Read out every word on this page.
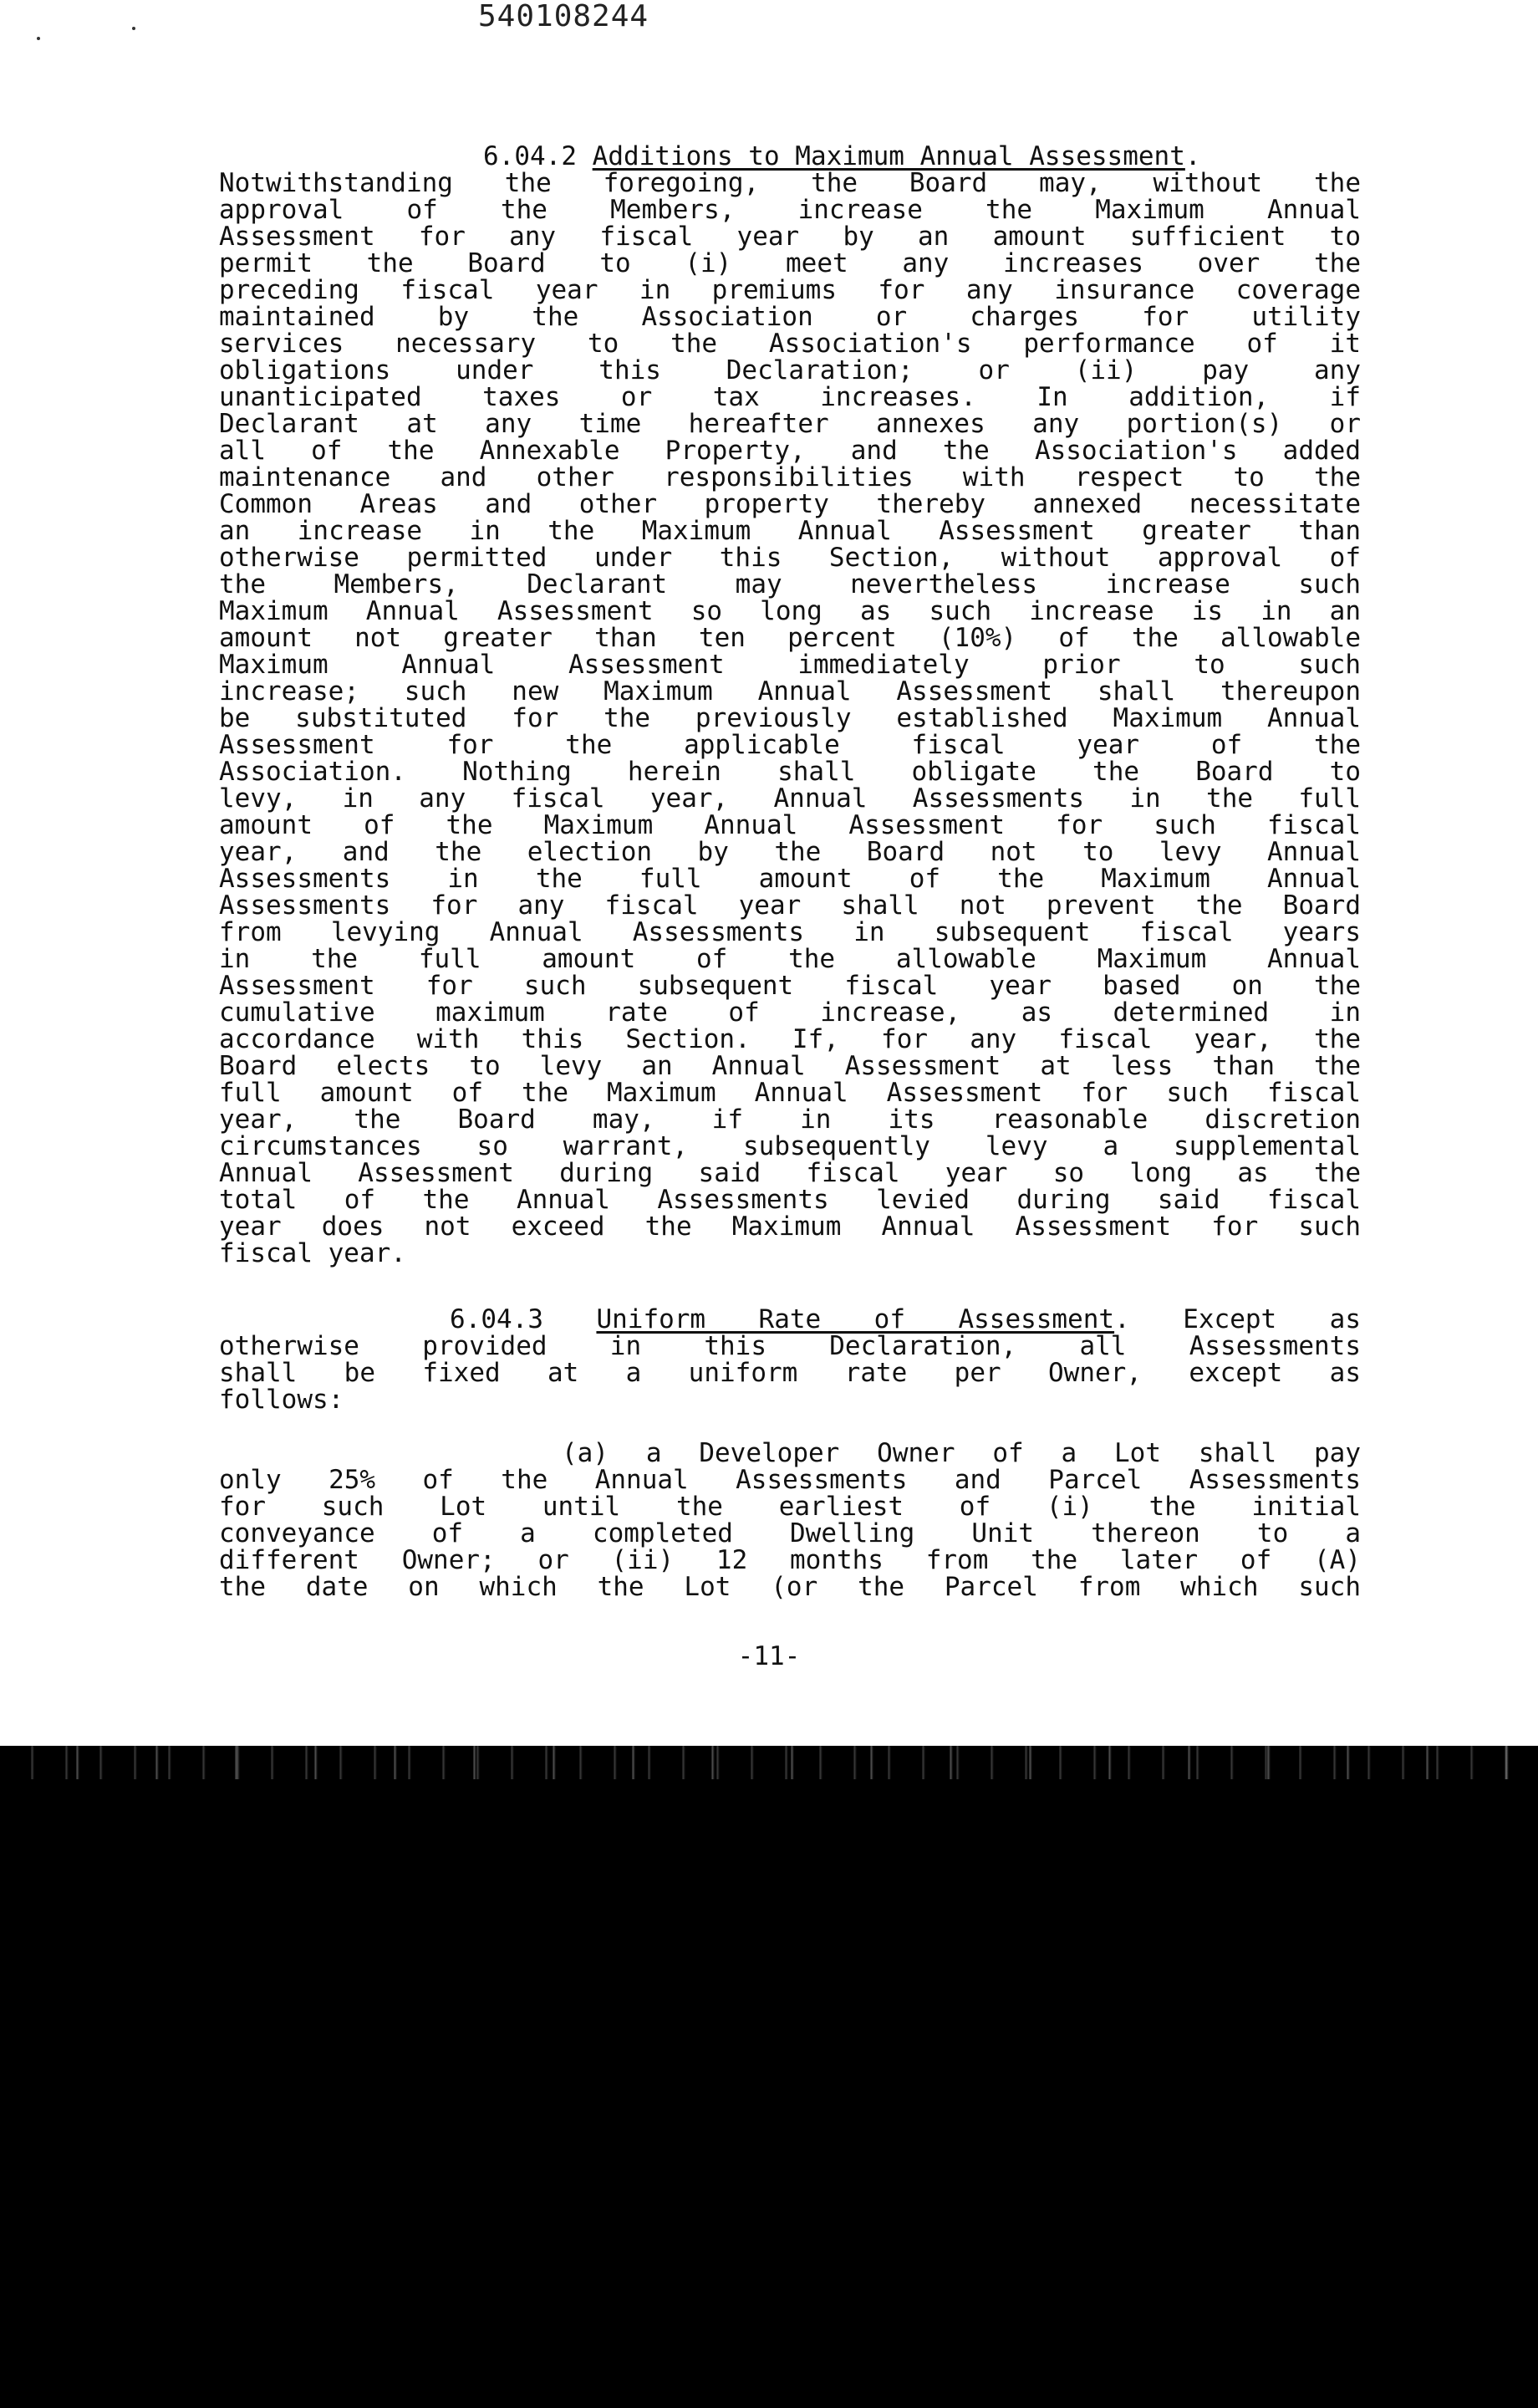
540108244

6.04.2 Additions to Maximum Annual Assessment.

Notwithstanding the foregoing, the Board may, without the

approval of the Members, increase the Maximum Annual

Assessment for any fiscal year by an amount sufficient to

permit the Board to (i) meet any increases over the

preceding fiscal year in premiums for any insurance coverage

maintained by the Association or charges for utility

services necessary to the Association's performance of it

obligations under this Declaration; or (ii) pay any

unanticipated taxes or tax increases. In addition, if

Declarant at any time hereafter annexes any portion(s) or

all of the Annexable Property, and the Association's added

maintenance and other responsibilities with respect to the

Common Areas and other property thereby annexed necessitate

an increase in the Maximum Annual Assessment greater than

otherwise permitted under this Section, without approval of

the Members, Declarant may nevertheless increase such

Maximum Annual Assessment so long as such increase is in an

amount not greater than ten percent (10%) of the allowable

Maximum Annual Assessment immediately prior to such

increase; such new Maximum Annual Assessment shall thereupon

be substituted for the previously established Maximum Annual

Assessment for the applicable fiscal year of the

Association. Nothing herein shall obligate the Board to

levy, in any fiscal year, Annual Assessments in the full

amount of the Maximum Annual Assessment for such fiscal

year, and the election by the Board not to levy Annual

Assessments in the full amount of the Maximum Annual

Assessments for any fiscal year shall not prevent the Board

from levying Annual Assessments in subsequent fiscal years

in the full amount of the allowable Maximum Annual

Assessment for such subsequent fiscal year based on the

cumulative maximum rate of increase, as determined in

accordance with this Section. If, for any fiscal year, the

Board elects to levy an Annual Assessment at less than the

full amount of the Maximum Annual Assessment for such fiscal

year, the Board may, if in its reasonable discretion

circumstances so warrant, subsequently levy a supplemental

Annual Assessment during said fiscal year so long as the

total of the Annual Assessments levied during said fiscal

year does not exceed the Maximum Annual Assessment for such

fiscal year.

6.04.3 Uniform Rate of Assessment. Except as

otherwise provided in this Declaration, all Assessments

shall be fixed at a uniform rate per Owner, except as

follows:

(a) a Developer Owner of a Lot shall pay

only 25% of the Annual Assessments and Parcel Assessments

for such Lot until the earliest of (i) the initial

conveyance of a completed Dwelling Unit thereon to a

different Owner; or (ii) 12 months from the later of (A)

the date on which the Lot (or the Parcel from which such

-11-
